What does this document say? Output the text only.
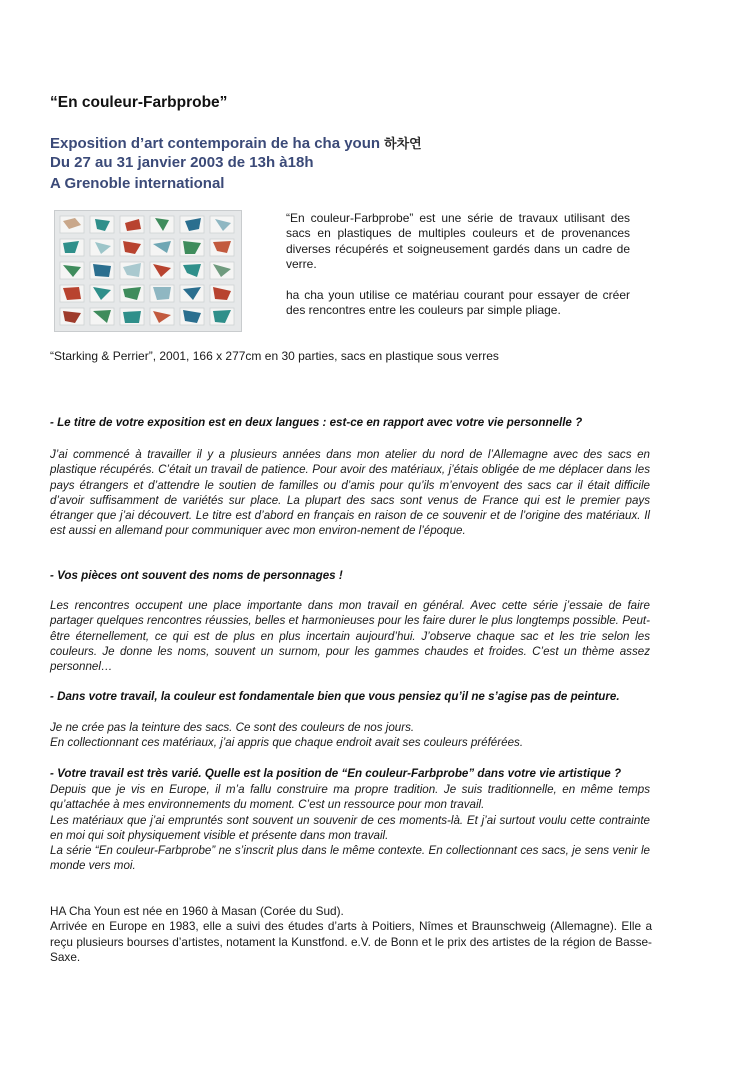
“En couleur-Farbprobe”
Exposition d’art contemporain de ha cha youn 하차연
Du 27 au 31 janvier 2003 de 13h à18h
A Grenoble international

“En couleur-Farbprobe” est une série de travaux utilisant des sacs en plastiques de multiples couleurs et de provenances diverses récupérés et soigneusement gardés dans un cadre de verre.

ha cha youn utilise ce matériau courant pour essayer de créer des rencontres entre les couleurs par simple pliage.

“Starking & Perrier”, 2001, 166 x 277cm en 30 parties, sacs en plastique sous verres
- Le titre de votre exposition est en deux langues : est-ce en rapport avec votre vie personnelle ?

J’ai commencé à travailler il y a plusieurs années dans mon atelier du nord de l’Allemagne avec des sacs en plastique récupérés. C’était un travail de patience. Pour avoir des matériaux, j’étais obligée de me déplacer dans les pays étrangers et d’attendre le soutien de familles ou d’amis pour qu’ils m’envoyent des sacs car il était difficile d’avoir suffisamment de variétés sur place. La plupart des sacs sont venus de France qui est le premier pays étranger que j’ai découvert. Le titre est d’abord en français en raison de ce souvenir et de l’origine des matériaux. Il est aussi en allemand pour communiquer avec mon environ-nement de l’époque.

- Vos pièces ont souvent des noms de personnages !

Les rencontres occupent une place importante dans mon travail en général. Avec cette série j’essaie de faire partager quelques rencontres réussies, belles et harmonieuses pour les faire durer le plus longtemps possible. Peut-être éternellement, ce qui est de plus en plus incertain aujourd’hui. J’observe chaque sac et les trie selon les couleurs. Je donne les noms, souvent un surnom, pour les gammes chaudes et froides. C’est un thème assez personnel…

- Dans votre travail, la couleur est fondamentale bien que vous pensiez qu’il ne s’agise pas de peinture.

Je ne crée pas la teinture des sacs. Ce sont des couleurs de nos jours.

En collectionnant ces matériaux, j’ai appris que chaque endroit avait ses couleurs préférées.

- Votre travail est très varié. Quelle est la position de “En couleur-Farbprobe” dans votre vie artistique ?

Depuis que je vis en Europe, il m’a fallu construire ma propre tradition. Je suis traditionnelle, en même temps qu’attachée à mes environnements du moment. C’est un ressource pour mon travail.

Les matériaux que j’ai empruntés sont souvent un souvenir de ces moments-là. Et j’ai surtout voulu cette contrainte en moi qui soit physiquement visible et présente dans mon travail.

La série “En couleur-Farbprobe” ne s’inscrit plus dans le même contexte. En collectionnant ces sacs, je sens venir le monde vers moi.

HA Cha Youn est née en 1960 à Masan (Corée du Sud).

Arrivée en Europe en 1983, elle a suivi des études d’arts à Poitiers, Nîmes et Braunschweig (Allemagne). Elle a reçu plusieurs bourses d’artistes, notament la Kunstfond. e.V. de Bonn et le prix des artistes de la région de Basse-Saxe.
